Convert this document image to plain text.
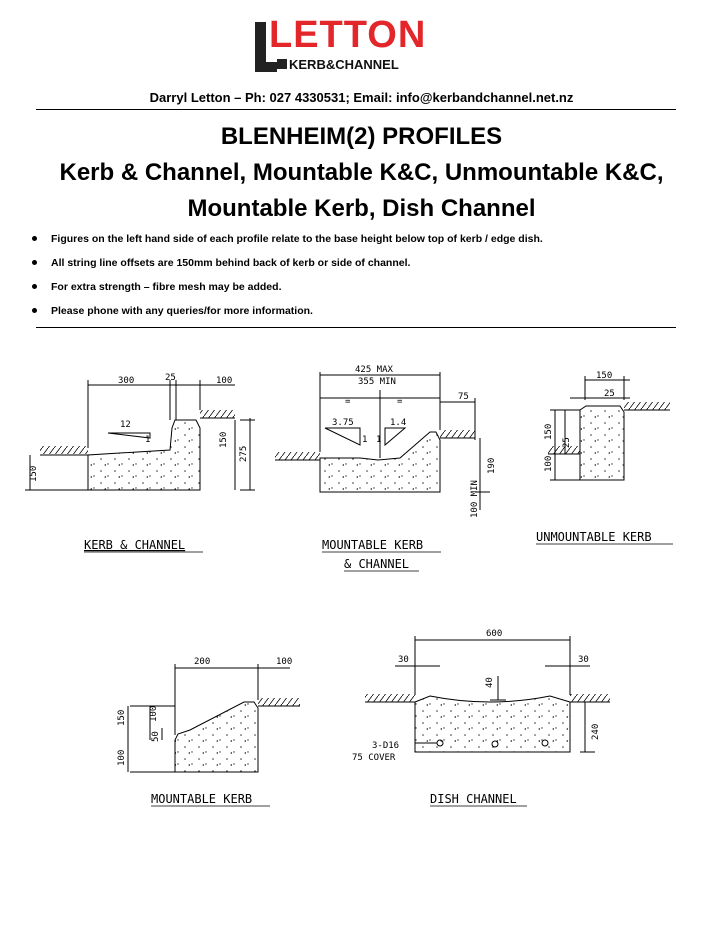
LETTON
KERB&CHANNEL
Darryl Letton – Ph: 027 4330531; Email: info@kerbandchannel.net.nz
BLENHEIM(2) PROFILES
Kerb & Channel, Mountable K&C, Unmountable K&C,
Mountable Kerb, Dish Channel
Figures on the left hand side of each profile relate to the base height below top of kerb / edge dish.
All string line offsets are 150mm behind back of kerb or side of channel.
For extra strength – fibre mesh may be added.
Please phone with any queries/for more information.
300	25	100
12
1	150
275
150
KERB & CHANNEL
425 MAX
355 MIN
=	=	75
3.75
1
1.4
1
190
100 MIN
MOUNTABLE KERB
& CHANNEL
150
25
150
25
100
UNMOUNTABLE KERB
200	100
150 100
50
100
MOUNTABLE KERB
600
30	30
40
240
3-D16
75 COVER
DISH CHANNEL
